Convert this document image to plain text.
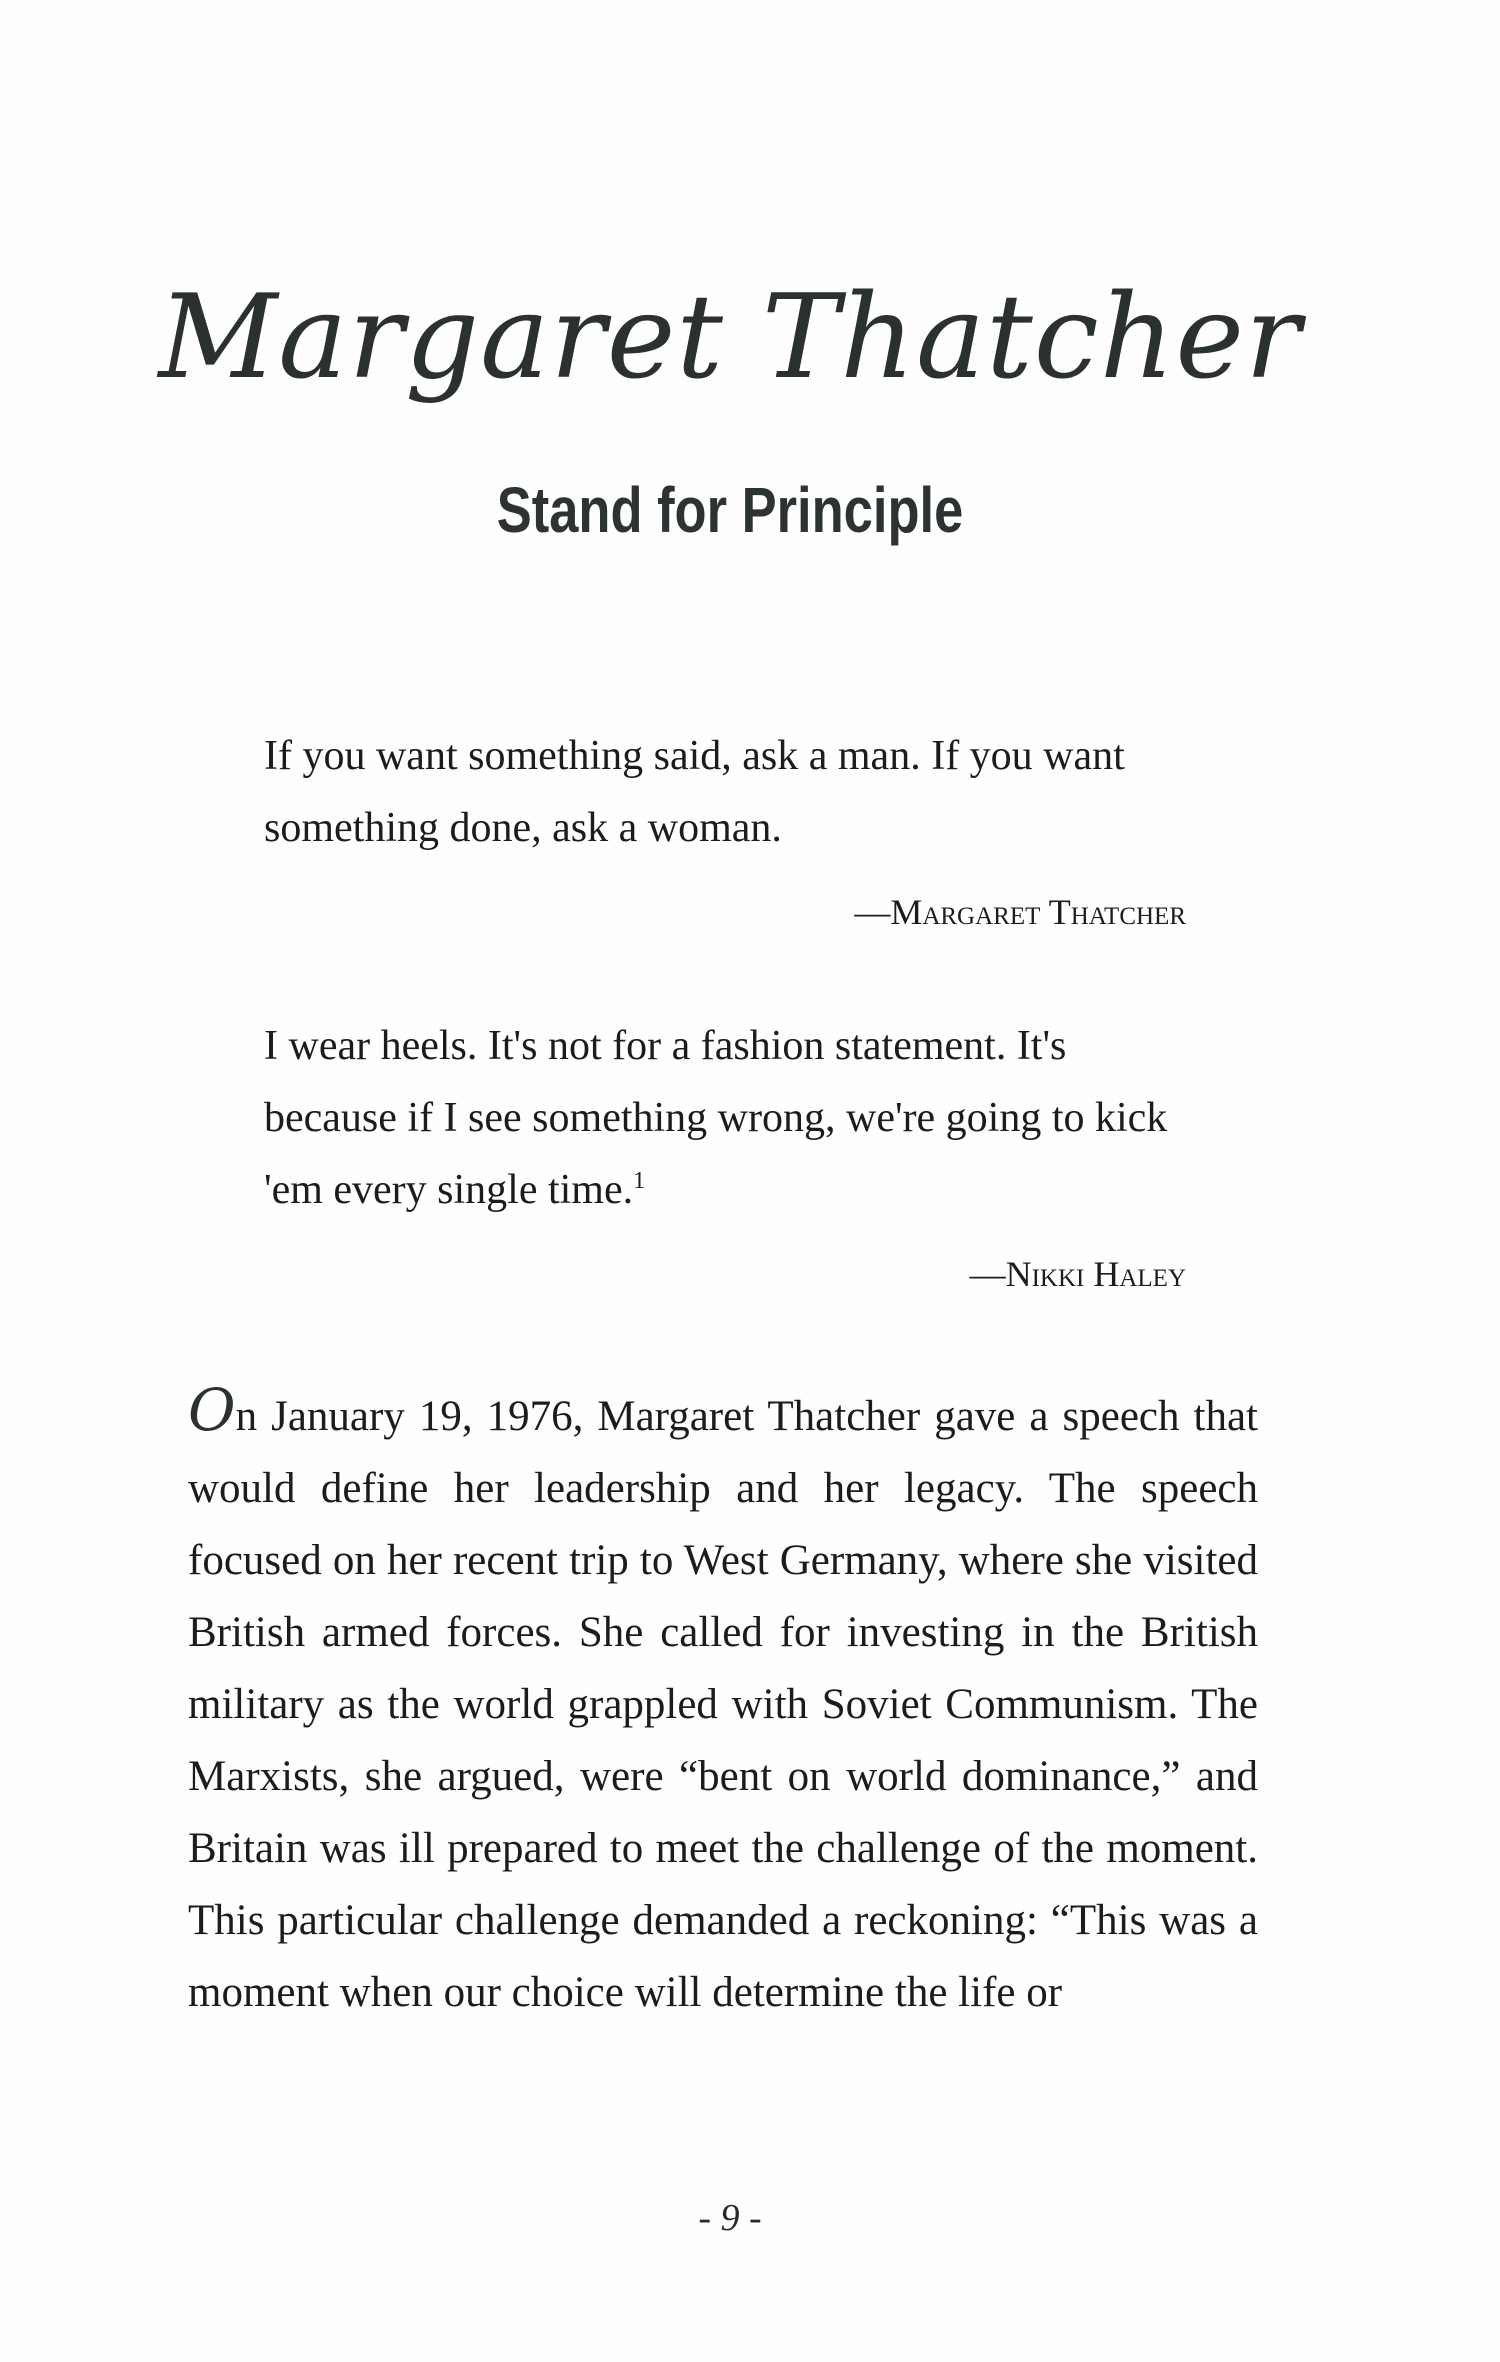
Margaret Thatcher
Stand for Principle

If you want something said, ask a man. If you want something done, ask a woman.

—Margaret Thatcher

I wear heels. It's not for a fashion statement. It's because if I see something wrong, we're going to kick 'em every single time.$^1$

—Nikki Haley

On January 19, 1976, Margaret Thatcher gave a speech that would define her leadership and her legacy. The speech focused on her recent trip to West Germany, where she visited British armed forces. She called for investing in the British military as the world grappled with Soviet Communism. The Marxists, she argued, were “bent on world dominance,” and Britain was ill prepared to meet the challenge of the moment. This particular challenge demanded a reckoning: “This was a moment when our choice will determine the life or

- 9 -
